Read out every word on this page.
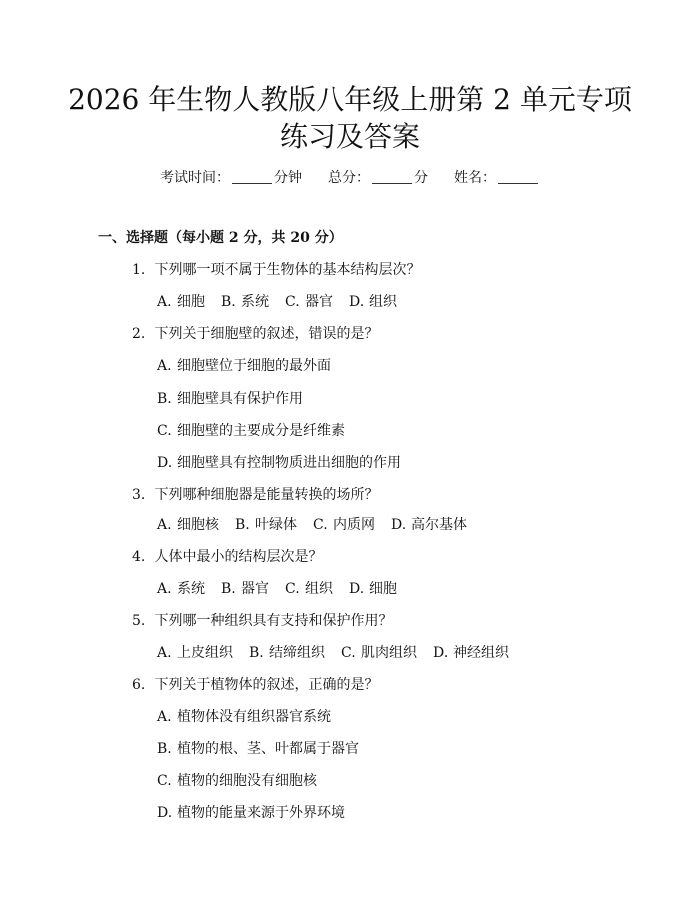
2026 年生物人教版八年级上册第 2 单元专项
练习及答案
考试时间：	分钟 总分：	分 姓名：
一、选择题（每小题 2 分，共 20 分）
1. 下列哪一项不属于生物体的基本结构层次？
A. 细胞 B. 系统 C. 器官 D. 组织
2. 下列关于细胞壁的叙述，错误的是？
A. 细胞壁位于细胞的最外面
B. 细胞壁具有保护作用
C. 细胞壁的主要成分是纤维素
D. 细胞壁具有控制物质进出细胞的作用
3. 下列哪种细胞器是能量转换的场所？
A. 细胞核 B. 叶绿体 C. 内质网 D. 高尔基体
4. 人体中最小的结构层次是？
A. 系统 B. 器官 C. 组织 D. 细胞
5. 下列哪一种组织具有支持和保护作用？
A. 上皮组织 B. 结缔组织 C. 肌肉组织 D. 神经组织
6. 下列关于植物体的叙述，正确的是？
A. 植物体没有组织器官系统
B. 植物的根、茎、叶都属于器官
C. 植物的细胞没有细胞核
D. 植物的能量来源于外界环境
